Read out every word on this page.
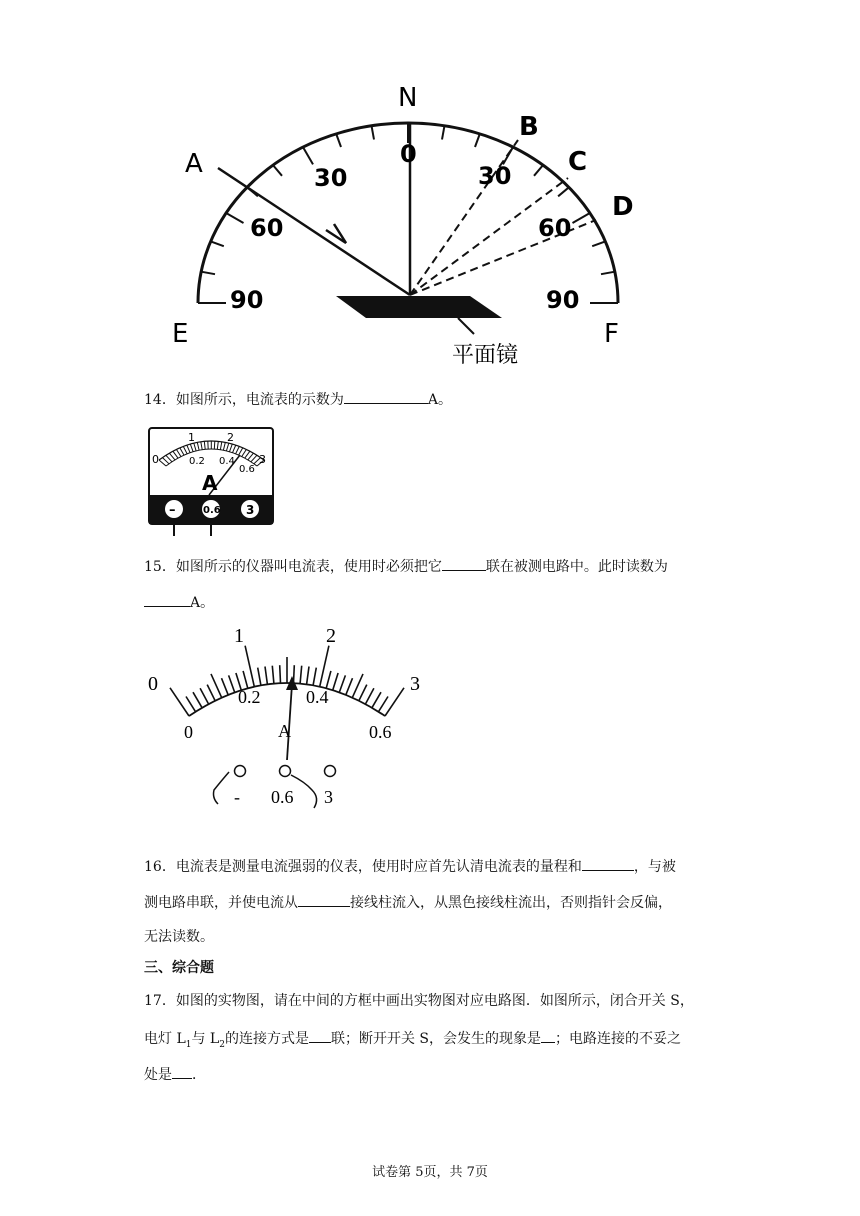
N
A
B
C
D
E	F
0
30	30
60	60
90	90
平面镜
14．如图所示，电流表的示数为	A。
0
1	2
3
0.2 0.4
0.6
A
–	0.6 3
15．如图所示的仪器叫电流表，使用时必须把它	联在被测电路中。此时读数为
A。
0
1	2
3
0.2	0.4
0	0.6
A
- 0.6 3
16．电流表是测量电流强弱的仪表，使用时应首先认清电流表的量程和	，与被
测电路串联，并使电流从	接线柱流入，从黑色接线柱流出，否则指针会反偏，
无法读数。
三、综合题
17．如图的实物图，请在中间的方框中画出实物图对应电路图．如图所示，闭合开关 S，
电灯 $L_1$与 $L_2$的连接方式是 联；断开开关 S，会发生的现象是 ；电路连接的不妥之
处是 ．
试卷第 5页，共 7页
